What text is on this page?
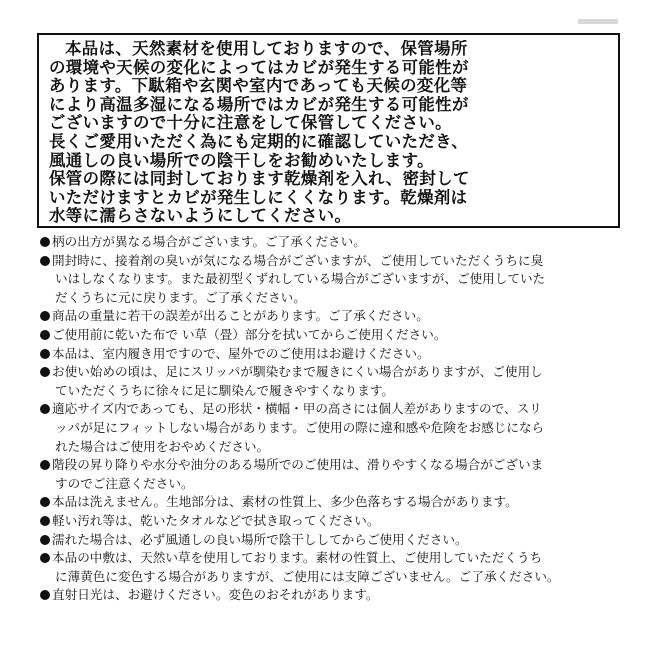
本品は、天然素材を使用しておりますので、保管場所
の環境や天候の変化によってはカビが発生する可能性が
あります。下駄箱や玄関や室内であっても天候の変化等
により高温多湿になる場所ではカビが発生する可能性が
ございますので十分に注意をして保管してください。
長くご愛用いただく為にも定期的に確認していただき、
風通しの良い場所での陰干しをお勧めいたします。
保管の際には同封しております乾燥剤を入れ、密封して
いただけますとカビが発生しにくくなります。乾燥剤は
水等に濡らさないようにしてください。
柄の出方が異なる場合がございます。ご了承ください。
開封時に、接着剤の臭いが気になる場合がございますが、ご使用していただくうちに臭
いはしなくなります。また最初型くずれしている場合がございますが、ご使用していた
だくうちに元に戻ります。ご了承ください。
商品の重量に若干の誤差が出ることがあります。ご了承ください。
ご使用前に乾いた布で い草（畳）部分を拭いてからご使用ください。
本品は、室内履き用ですので、屋外でのご使用はお避けください。
お使い始めの頃は、足にスリッパが馴染むまで履きにくい場合がありますが、ご使用し
ていただくうちに徐々に足に馴染んで履きやすくなります。
適応サイズ内であっても、足の形状・横幅・甲の高さには個人差がありますので、スリ
ッパが足にフィットしない場合があります。ご使用の際に違和感や危険をお感じになら
れた場合はご使用をおやめください。
階段の昇り降りや水分や油分のある場所でのご使用は、滑りやすくなる場合がございま
すのでご注意ください。
本品は洗えません。生地部分は、素材の性質上、多少色落ちする場合があります。
軽い汚れ等は、乾いたタオルなどで拭き取ってください。
濡れた場合は、必ず風通しの良い場所で陰干ししてからご使用ください。
本品の中敷は、天然い草を使用しております。素材の性質上、ご使用していただくうち
に薄黄色に変色する場合がありますが、ご使用には支障ございません。ご了承ください。
直射日光は、お避けください。変色のおそれがあります。
